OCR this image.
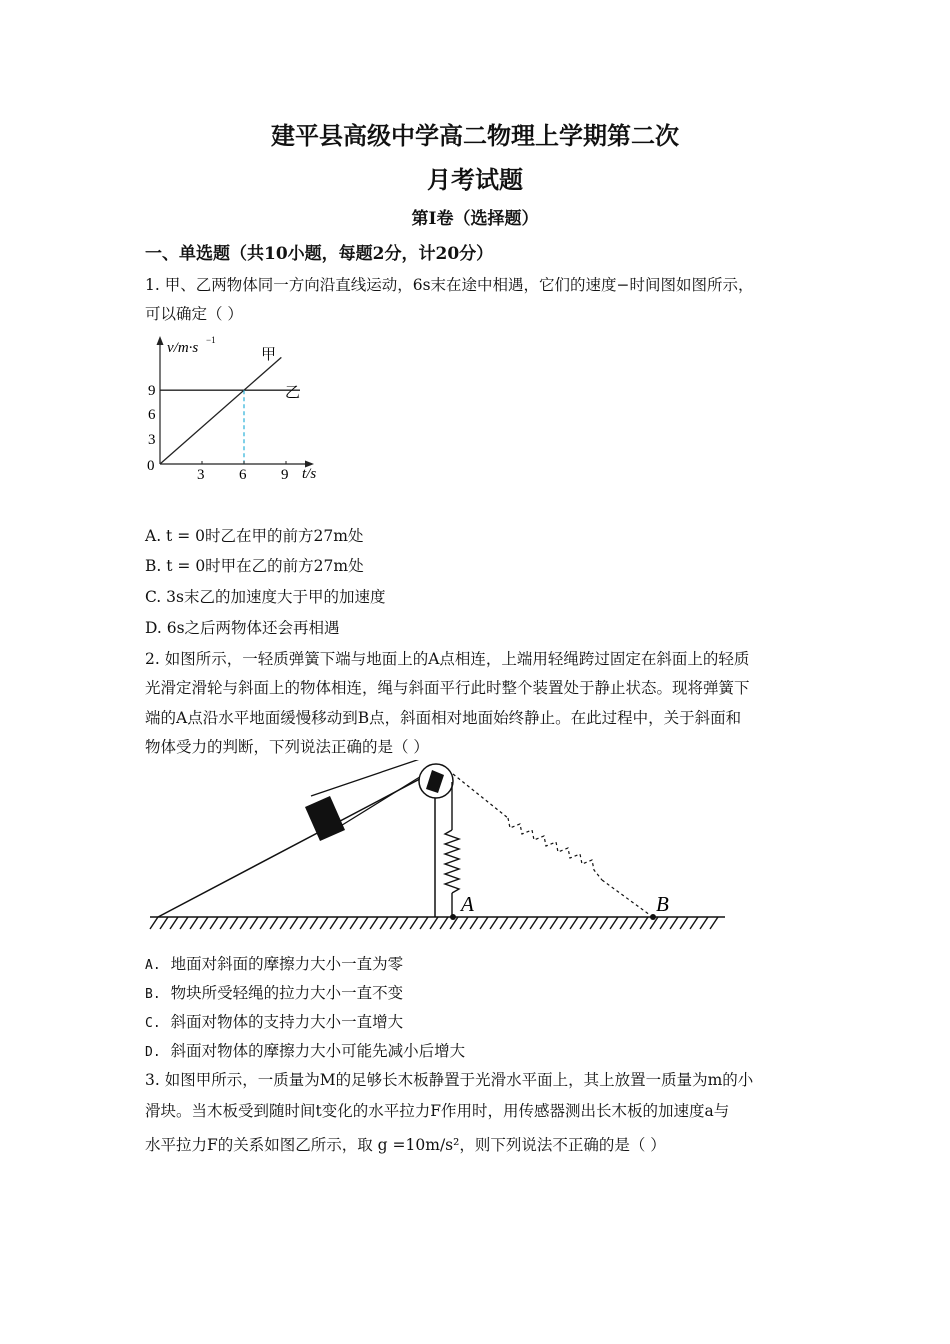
建平县高级中学高二物理上学期第二次
月考试题
第I卷（选择题）
一、单选题（共10小题，每题2分，计20分）
1. 甲、乙两物体同一方向沿直线运动，6s末在途中相遇，它们的速度−时间图如图所示，
可以确定（ ）
v/m·s −1
t/s
甲
乙
9
6
3
0
3 6 9
A. t = 0时乙在甲的前方27m处
B. t = 0时甲在乙的前方27m处
C. 3s末乙的加速度大于甲的加速度
D. 6s之后两物体还会再相遇
2. 如图所示，一轻质弹簧下端与地面上的A点相连，上端用轻绳跨过固定在斜面上的轻质
光滑定滑轮与斜面上的物体相连，绳与斜面平行此时整个装置处于静止状态。现将弹簧下
端的A点沿水平地面缓慢移动到B点，斜面相对地面始终静止。在此过程中，关于斜面和
物体受力的判断，下列说法正确的是（ ）
A	B
A. 地面对斜面的摩擦力大小一直为零
B. 物块所受轻绳的拉力大小一直不变
C. 斜面对物体的支持力大小一直增大
D. 斜面对物体的摩擦力大小可能先减小后增大
3. 如图甲所示，一质量为M的足够长木板静置于光滑水平面上，其上放置一质量为m的小
滑块。当木板受到随时间t变化的水平拉力F作用时，用传感器测出长木板的加速度a与
水平拉力F的关系如图乙所示，取 g =10m/s²，则下列说法不正确的是（ ）
